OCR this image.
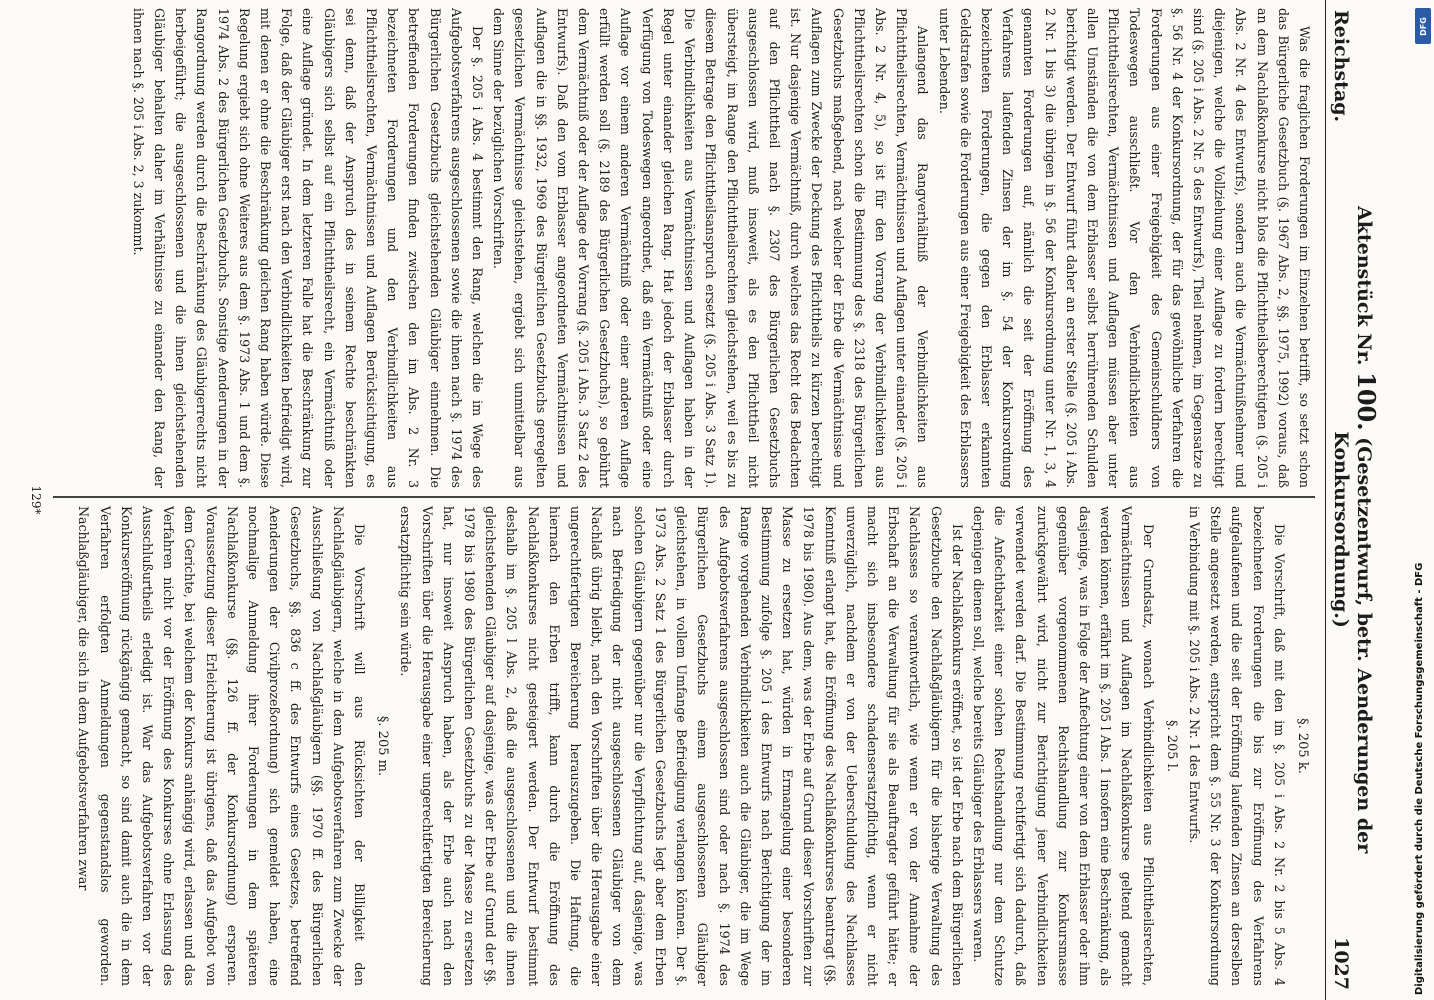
Reichstag.
Aktenstück Nr. 100. (Gesetzentwurf, betr. Aenderungen der Konkursordnung.)
1027

Was die fraglichen Forderungen im Einzelnen betrifft, so setzt schon das Bürgerliche Gesetzbuch (§. 1967 Abs. 2, §§. 1975, 1992) voraus, daß an dem Nachlaßkonkurse nicht blos die Pflichttheilsberechtigten (§. 205 i Abs. 2 Nr. 4 des Entwurfs), sondern auch die Vermächtnißnehmer und diejenigen, welche die Vollziehung einer Auflage zu fordern berechtigt sind (§. 205 i Abs. 2 Nr. 5 des Entwurfs), Theil nehmen, im Gegensatze zu §. 56 Nr. 4 der Konkursordnung, der für das gewöhnliche Verfahren die Forderungen aus einer Freigebigkeit des Gemeinschuldners von Todeswegen ausschließt. Vor den Verbindlichkeiten aus Pflichttheilsrechten, Vermächtnissen und Auflagen müssen aber unter allen Umständen die von dem Erblasser selbst herrührenden Schulden berichtigt werden. Der Entwurf führt daher an erster Stelle (§. 205 i Abs. 2 Nr. 1 bis 3) die übrigen in §. 56 der Konkursordnung unter Nr. 1, 3, 4 genannten Forderungen auf, nämlich die seit der Eröffnung des Verfahrens laufenden Zinsen der im §. 54 der Konkursordnung bezeichneten Forderungen, die gegen den Erblasser erkannten Geldstrafen sowie die Forderungen aus einer Freigebigkeit des Erblassers unter Lebenden.

Anlangend das Rangverhältniß der Verbindlichkeiten aus Pflichttheilsrechten, Vermächtnissen und Auflagen unter einander (§. 205 i Abs. 2 Nr. 4, 5), so ist für den Vorrang der Verbindlichkeiten aus Pflichttheilsrechten schon die Bestimmung des §. 2318 des Bürgerlichen Gesetzbuchs maßgebend, nach welcher der Erbe die Vermächtnisse und Auflagen zum Zwecke der Deckung des Pflichttheils zu kürzen berechtigt ist. Nur dasjenige Vermächtniß, durch welches das Recht des Bedachten auf den Pflichttheil nach §. 2307 des Bürgerlichen Gesetzbuchs ausgeschlossen wird, muß insoweit, als es den Pflichttheil nicht übersteigt, im Range den Pflichttheilsrechten gleichstehen, weil es bis zu diesem Betrage den Pflichttheilsanspruch ersetzt (§. 205 i Abs. 3 Satz 1). Die Verbindlichkeiten aus Vermächtnissen und Auflagen haben in der Regel unter einander gleichen Rang. Hat jedoch der Erblasser durch Verfügung von Todeswegen angeordnet, daß ein Vermächtniß oder eine Auflage vor einem anderen Vermächtniß oder einer anderen Auflage erfüllt werden soll (§. 2189 des Bürgerlichen Gesetzbuchs), so gebührt dem Vermächtniß oder der Auflage der Vorrang (§. 205 i Abs. 3 Satz 2 des Entwurfs). Daß den vom Erblasser angeordneten Vermächtnissen und Auflagen die in §§. 1932, 1969 des Bürgerlichen Gesetzbuchs geregelten gesetzlichen Vermächtnisse gleichstehen, ergiebt sich unmittelbar aus dem Sinne der bezüglichen Vorschriften.

Der §. 205 i Abs. 4 bestimmt den Rang, welchen die im Wege des Aufgebotsverfahrens ausgeschlossenen sowie die ihnen nach §. 1974 des Bürgerlichen Gesetzbuchs gleichstehenden Gläubiger einnehmen. Die betreffenden Forderungen finden zwischen den im Abs. 2 Nr. 3 bezeichneten Forderungen und den Verbindlichkeiten aus Pflichttheilsrechten, Vermächtnissen und Auflagen Berücksichtigung, es sei denn, daß der Anspruch des in seinem Rechte beschränkten Gläubigers sich selbst auf ein Pflichttheilsrecht, ein Vermächtniß oder eine Auflage gründet. In dem letzteren Falle hat die Beschränkung zur Folge, daß der Gläubiger erst nach den Verbindlichkeiten befriedigt wird, mit denen er ohne die Beschränkung gleichen Rang haben würde. Diese Regelung ergiebt sich ohne Weiteres aus dem §. 1973 Abs. 1 und dem §. 1974 Abs. 2 des Bürgerlichen Gesetzbuchs. Sonstige Aenderungen in der Rangordnung werden durch die Beschränkung des Gläubigerrechts nicht herbeigeführt; die ausgeschlossenen und die ihnen gleichstehenden Gläubiger behalten daher im Verhältnisse zu einander den Rang, der ihnen nach §. 205 i Abs. 2, 3 zukommt.

§. 205 k.

Die Vorschrift, daß mit den im §. 205 i Abs. 2 Nr. 2 bis 5 Abs. 4 bezeichneten Forderungen die bis zur Eröffnung des Verfahrens aufgelaufenen und die seit der Eröffnung laufenden Zinsen an derselben Stelle angesetzt werden, entspricht dem §. 55 Nr. 3 der Konkursordnung in Verbindung mit §. 205 i Abs. 2 Nr. 1 des Entwurfs.

§. 205 l.

Der Grundsatz, wonach Verbindlichkeiten aus Pflichttheilsrechten, Vermächtnissen und Auflagen im Nachlaßkonkurse geltend gemacht werden können, erfährt im §. 205 l Abs. 1 insofern eine Beschränkung, als dasjenige, was in Folge der Anfechtung einer von dem Erblasser oder ihm gegenüber vorgenommenen Rechtshandlung zur Konkursmasse zurückgewährt wird, nicht zur Berichtigung jener Verbindlichkeiten verwendet werden darf. Die Bestimmung rechtfertigt sich dadurch, daß die Anfechtbarkeit einer solchen Rechtshandlung nur dem Schutze derjenigen dienen soll, welche bereits Gläubiger des Erblassers waren.

Ist der Nachlaßkonkurs eröffnet, so ist der Erbe nach dem Bürgerlichen Gesetzbuche den Nachlaßgläubigern für die bisherige Verwaltung des Nachlasses so verantwortlich, wie wenn er von der Annahme der Erbschaft an die Verwaltung für sie als Beauftragter geführt hätte; er macht sich insbesondere schadensersatzpflichtig, wenn er nicht unverzüglich, nachdem er von der Ueberschuldung des Nachlasses Kenntniß erlangt hat, die Eröffnung des Nachlaßkonkurses beantragt (§§. 1978 bis 1980). Aus dem, was der Erbe auf Grund dieser Vorschriften zur Masse zu ersetzen hat, würden in Ermangelung einer besonderen Bestimmung zufolge §. 205 i des Entwurfs nach Berichtigung der im Range vorgehenden Verbindlichkeiten auch die Gläubiger, die im Wege des Aufgebotsverfahrens ausgeschlossen sind oder nach §. 1974 des Bürgerlichen Gesetzbuchs einem ausgeschlossenen Gläubiger gleichstehen, in vollem Umfange Befriedigung verlangen können. Der §. 1973 Abs. 2 Satz 1 des Bürgerlichen Gesetzbuchs legt aber dem Erben solchen Gläubigern gegenüber nur die Verpflichtung auf, dasjenige, was nach Befriedigung der nicht ausgeschlossenen Gläubiger von dem Nachlaß übrig bleibt, nach den Vorschriften über die Herausgabe einer ungerechtfertigten Bereicherung herauszugeben. Die Haftung, die hiernach den Erben trifft, kann durch die Eröffnung des Nachlaßkonkurses nicht gesteigert werden. Der Entwurf bestimmt deshalb im §. 205 l Abs. 2, daß die ausgeschlossenen und die ihnen gleichstehenden Gläubiger auf dasjenige, was der Erbe auf Grund der §§. 1978 bis 1980 des Bürgerlichen Gesetzbuchs zu der Masse zu ersetzen hat, nur insoweit Anspruch haben, als der Erbe auch nach den Vorschriften über die Herausgabe einer ungerechtfertigten Bereicherung ersatzpflichtig sein würde.

§. 205 m.

Die Vorschrift will aus Rücksichten der Billigkeit den Nachlaßgläubigern, welche in dem Aufgebotsverfahren zum Zwecke der Ausschließung von Nachlaßgläubigern (§§. 1970 ff. des Bürgerlichen Gesetzbuchs, §§. 836 c ff. des Entwurfs eines Gesetzes, betreffend Aenderungen der Civilprozeßordnung) sich gemeldet haben, eine nochmalige Anmeldung ihrer Forderungen in dem späteren Nachlaßkonkurse (§§. 126 ff. der Konkursordnung) ersparen. Voraussetzung dieser Erleichterung ist übrigens, daß das Aufgebot von dem Gerichte, bei welchem der Konkurs anhängig wird, erlassen und das Verfahren nicht vor der Eröffnung des Konkurses ohne Erlassung des Ausschlußurtheils erledigt ist. War das Aufgebotsverfahren vor der Konkurseröffnung rückgängig gemacht, so sind damit auch die in dem Verfahren erfolgten Anmeldungen gegenstandslos geworden. Nachlaßgläubiger, die sich in dem Aufgebotsverfahren zwar

129*
Digitalisierung gefördert durch die Deutsche Forschungsgemeinschaft - DFG
DFG
